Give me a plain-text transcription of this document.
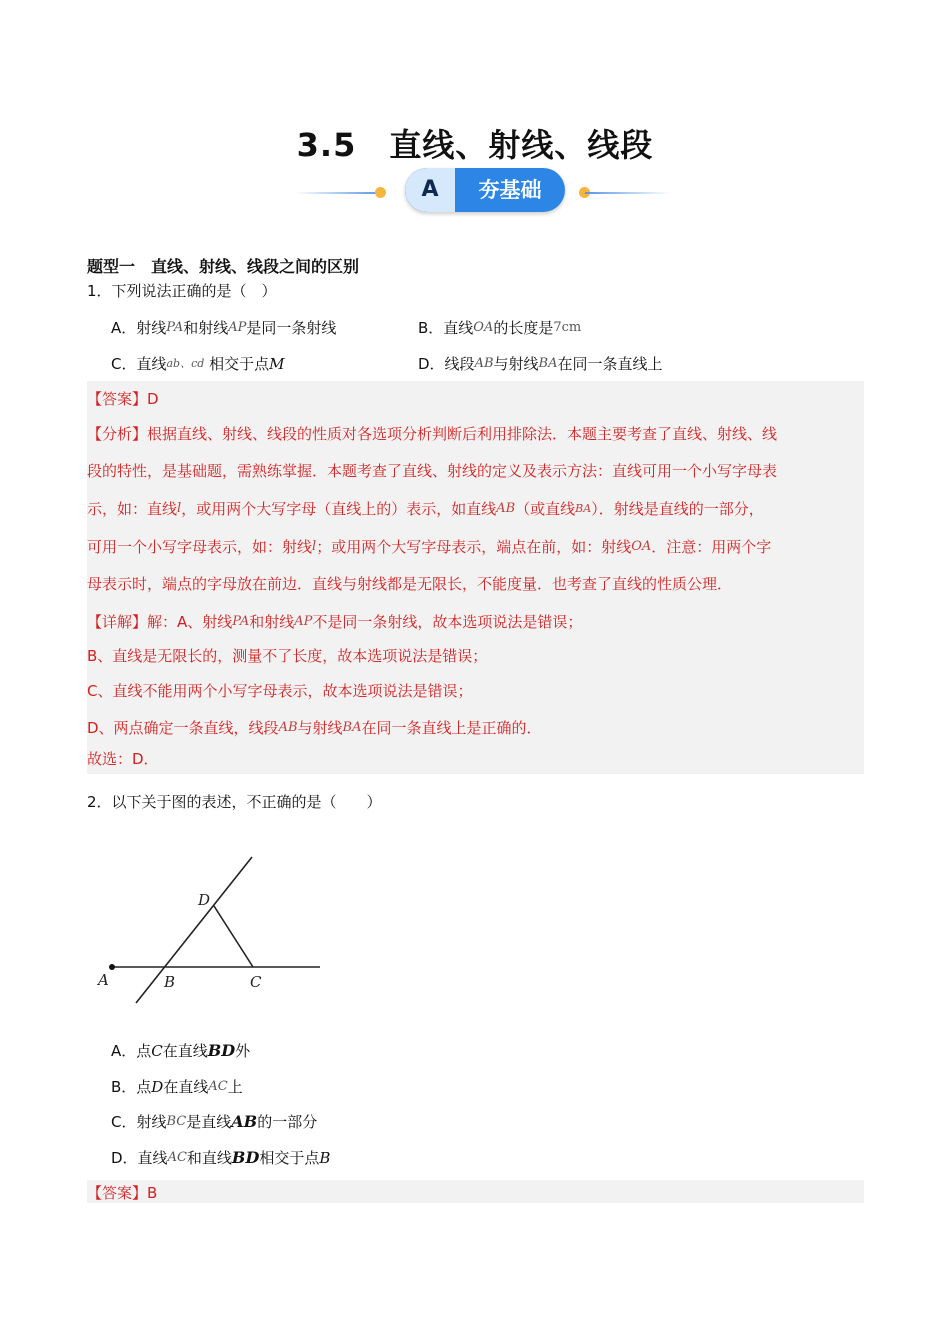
3.5　直线、射线、线段
A	夯基础
题型一　直线、射线、线段之间的区别
1．下列说法正确的是（　）
A．射线PA和射线AP是同一条射线	B．直线OA的长度是7cm
C．直线ab、cd 相交于点M	D．线段AB与射线BA在同一条直线上
【答案】D
【分析】根据直线、射线、线段的性质对各选项分析判断后利用排除法．本题主要考查了直线、射线、线
段的特性，是基础题，需熟练掌握．本题考查了直线、射线的定义及表示方法：直线可用一个小写字母表
示，如：直线l，或用两个大写字母（直线上的）表示，如直线AB（或直线BA）．射线是直线的一部分，
可用一个小写字母表示，如：射线l；或用两个大写字母表示，端点在前，如：射线OA．注意：用两个字
母表示时，端点的字母放在前边．直线与射线都是无限长，不能度量．也考查了直线的性质公理．
【详解】解：A、射线PA和射线AP不是同一条射线，故本选项说法是错误；
B、直线是无限长的，测量不了长度，故本选项说法是错误；
C、直线不能用两个小写字母表示，故本选项说法是错误；
D、两点确定一条直线，线段AB与射线BA在同一条直线上是正确的．
故选：D．
2．以下关于图的表述，不正确的是（　　）
A	B	C
D
A．点C在直线BD外
B．点D在直线AC上
C．射线BC是直线AB的一部分
D．直线AC和直线BD相交于点B
【答案】B
